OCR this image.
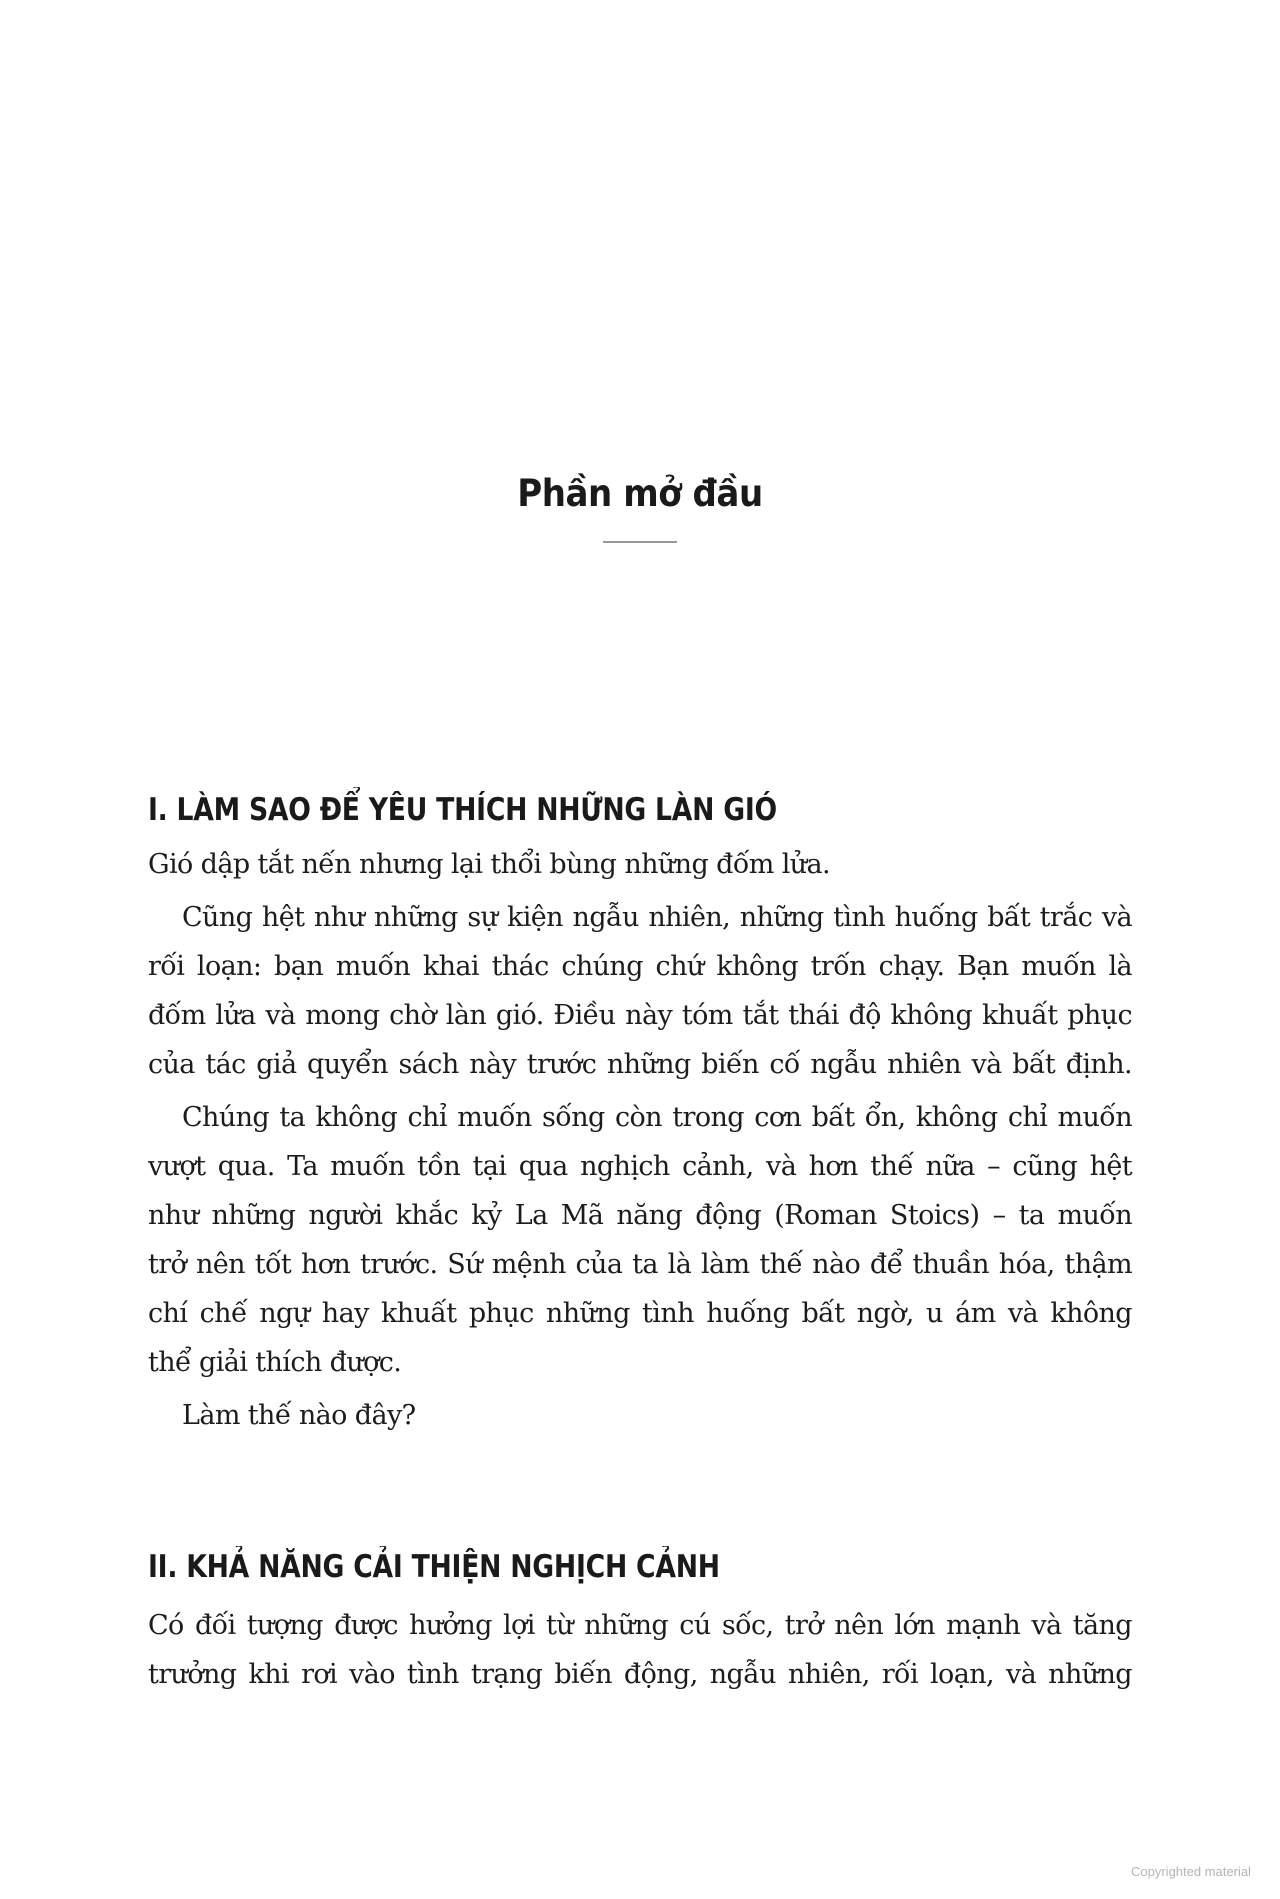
Phần mở đầu
I. LÀM SAO ĐỂ YÊU THÍCH NHỮNG LÀN GIÓ

Gió dập tắt nến nhưng lại thổi bùng những đốm lửa.

Cũng hệt như những sự kiện ngẫu nhiên, những tình huống bất trắc và
rối loạn: bạn muốn khai thác chúng chứ không trốn chạy. Bạn muốn là
đốm lửa và mong chờ làn gió. Điều này tóm tắt thái độ không khuất phục
của tác giả quyển sách này trước những biến cố ngẫu nhiên và bất định.

Chúng ta không chỉ muốn sống còn trong cơn bất ổn, không chỉ muốn
vượt qua. Ta muốn tồn tại qua nghịch cảnh, và hơn thế nữa – cũng hệt
như những người khắc kỷ La Mã năng động (Roman Stoics) – ta muốn
trở nên tốt hơn trước. Sứ mệnh của ta là làm thế nào để thuần hóa, thậm
chí chế ngự hay khuất phục những tình huống bất ngờ, u ám và không
thể giải thích được.

Làm thế nào đây?

II. KHẢ NĂNG CẢI THIỆN NGHỊCH CẢNH

Có đối tượng được hưởng lợi từ những cú sốc, trở nên lớn mạnh và tăng
trưởng khi rơi vào tình trạng biến động, ngẫu nhiên, rối loạn, và những

Copyrighted material
